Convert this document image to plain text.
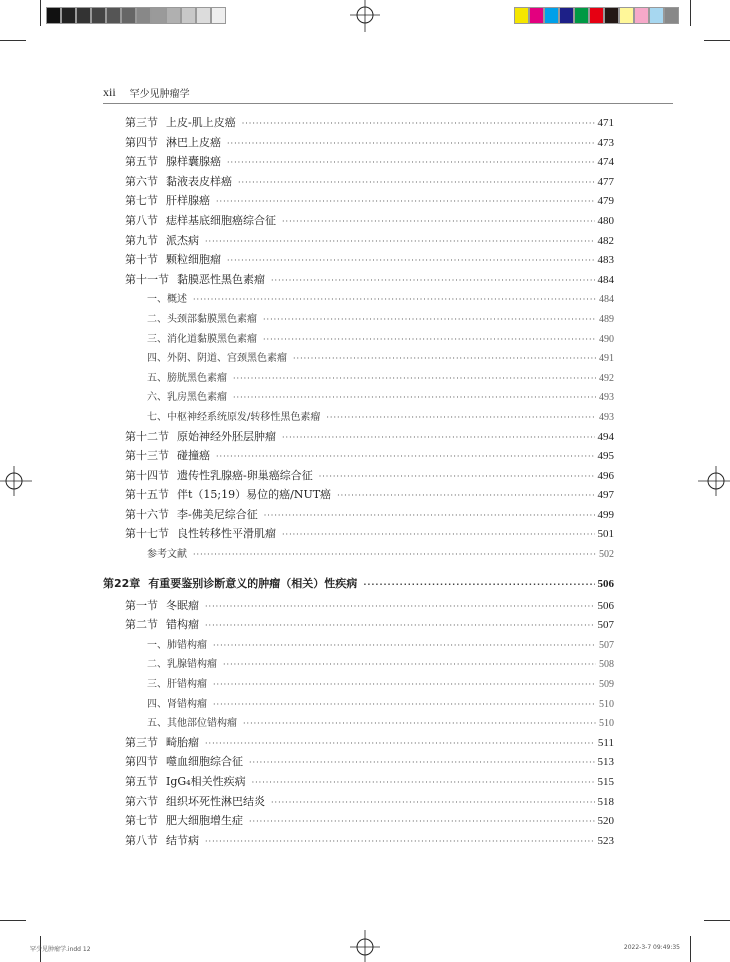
xii 罕少见肿瘤学
第三节 上皮-肌上皮癌 ·····	471
第四节 淋巴上皮癌 ·····	473
第五节 腺样囊腺癌 ·····	474
第六节 黏液表皮样癌 ·····	477
第七节 肝样腺癌 ·····	479
第八节 痣样基底细胞癌综合征 ·····	480
第九节 派杰病 ·····	482
第十节 颗粒细胞瘤 ·····	483
第十一节 黏膜恶性黑色素瘤 ·····	484
一、概述 ·····	484
二、头颈部黏膜黑色素瘤 ·····	489
三、消化道黏膜黑色素瘤 ·····	490
四、外阴、阴道、宫颈黑色素瘤 ·····	491
五、膀胱黑色素瘤 ·····	492
六、乳房黑色素瘤 ·····	493
七、中枢神经系统原发/转移性黑色素瘤 ·····	493
第十二节 原始神经外胚层肿瘤 ·····	494
第十三节 碰撞癌 ·····	495
第十四节 遗传性乳腺癌-卵巢癌综合征 ·····	496
第十五节 伴t（15;19）易位的癌/NUT癌 ·····	497
第十六节 李-佛美尼综合征 ·····	499
第十七节 良性转移性平滑肌瘤 ·····	501
参考文献 ·····	502
第22章 有重要鉴别诊断意义的肿瘤（相关）性疾病 ·····	506
第一节 冬眠瘤 ·····	506
第二节 错构瘤 ·····	507
一、肺错构瘤 ·····	507
二、乳腺错构瘤 ·····	508
三、肝错构瘤 ·····	509
四、肾错构瘤 ·····	510
五、其他部位错构瘤 ·····	510
第三节 畸胎瘤 ·····	511
第四节 噬血细胞综合征 ·····	513
第五节 IgG₄相关性疾病 ·····	515
第六节 组织坏死性淋巴结炎 ·····	518
第七节 肥大细胞增生症 ·····	520
第八节 结节病 ·····	523
罕少见肿瘤学.indd 12	2022-3-7 09:49:35
